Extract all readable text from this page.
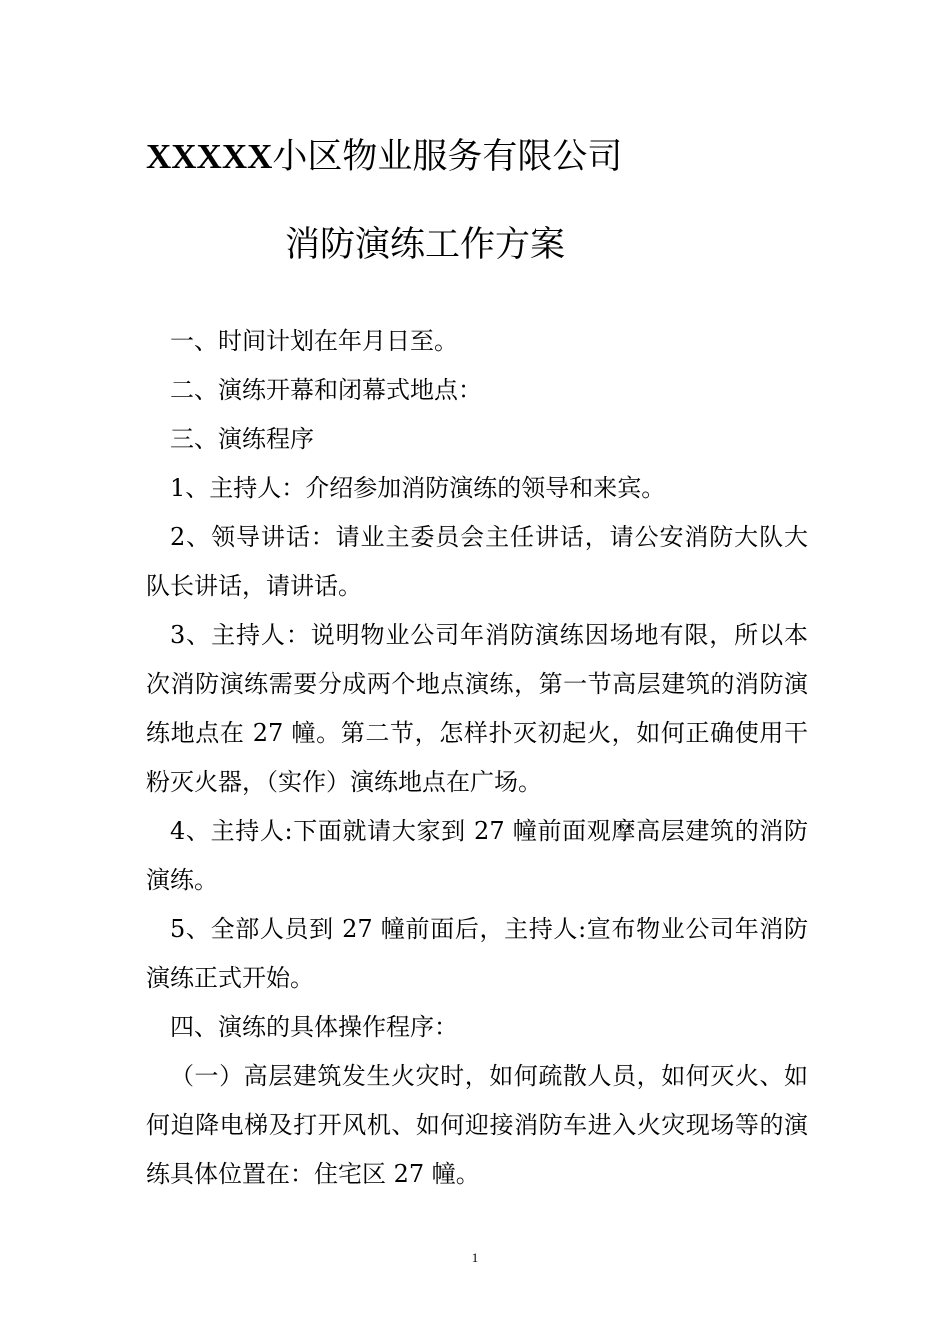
XXXXX小区物业服务有限公司
消防演练工作方案

一、时间计划在年月日至。

二、演练开幕和闭幕式地点：

三、演练程序

1、主持人：介绍参加消防演练的领导和来宾。

2、领导讲话：请业主委员会主任讲话，请公安消防大队大队长讲话，请讲话。

3、主持人：说明物业公司年消防演练因场地有限，所以本次消防演练需要分成两个地点演练，第一节高层建筑的消防演练地点在 27 幢。第二节，怎样扑灭初起火，如何正确使用干粉灭火器，（实作）演练地点在广场。

4、主持人:下面就请大家到 27 幢前面观摩高层建筑的消防演练。

5、全部人员到 27 幢前面后，主持人:宣布物业公司年消防演练正式开始。

四、演练的具体操作程序：

（一）高层建筑发生火灾时，如何疏散人员，如何灭火、如何迫降电梯及打开风机、如何迎接消防车进入火灾现场等的演练具体位置在：住宅区 27 幢。

1
